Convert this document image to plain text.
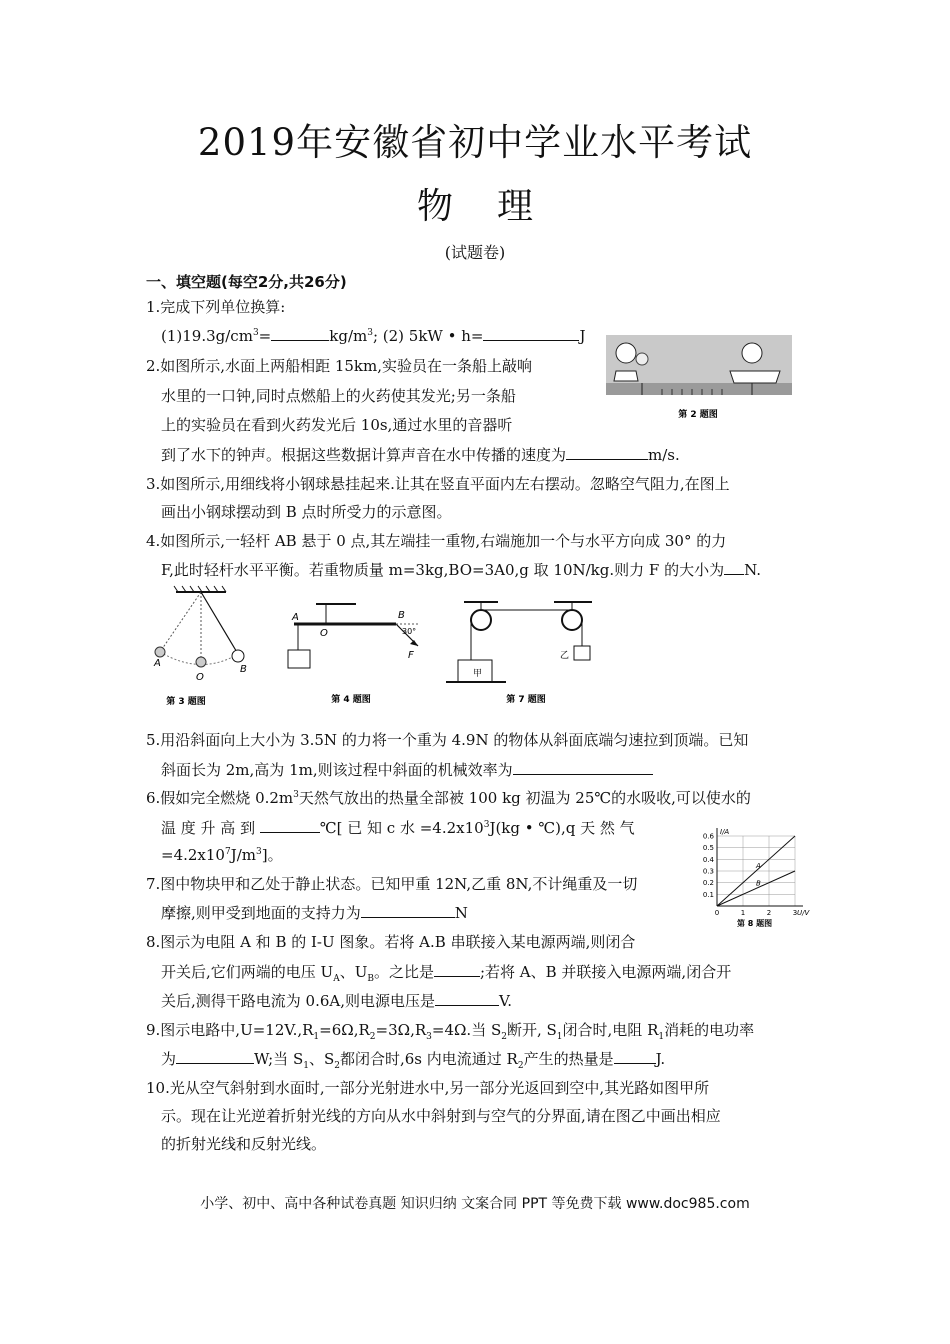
2019年安徽省初中学业水平考试
物理
(试题卷)
一、填空题(每空2分,共26分)
1.完成下列单位换算:
$(1)19.3g/cm^3=$	$kg/m^3$; (2) 5kW • h=	J
2.如图所示,水面上两船相距 15km,实验员在一条船上敲响
水里的一口钟,同时点燃船上的火药使其发光;另一条船
上的实验员在看到火药发光后 10s,通过水里的音器听
到了水下的钟声。根据这些数据计算声音在水中传播的速度为	m/s.
第 2 题图
3.如图所示,用细线将小钢球悬挂起来.让其在竖直平面内左右摆动。忽略空气阻力,在图上
画出小钢球摆动到 B 点时所受力的示意图。
4.如图所示,一轻杆 AB 悬于 0 点,其左端挂一重物,右端施加一个与水平方向成 30° 的力
F,此时轻杆水平平衡。若重物质量 m=3kg,BO=3A0,g 取 10N/kg.则力 F 的大小为 N.
A
O
B
第 3 题图
A
O
B
30°
F
第 4 题图
甲
乙
第 7 题图
5.用沿斜面向上大小为 3.5N 的力将一个重为 4.9N 的物体从斜面底端匀速拉到顶端。已知
斜面长为 2m,高为 1m,则该过程中斜面的机械效率为
6.假如完全燃烧 $0.2m^3$天然气放出的热量全部被 100 kg 初温为 25℃的水吸收,可以使水的
温 度 升 高 到	℃[ 已 知 c 水 $=4.2x10^3J(kg$ • ℃),q 天 然 气
$=4.2x10^7J/m^3$]。
0	1	2	3
0.1
0.2
0.3
0.4
0.5
0.6
I/A
U/V
A
B
第 8 题图
7.图中物块甲和乙处于静止状态。已知甲重 12N,乙重 8N,不计绳重及一切
摩擦,则甲受到地面的支持力为	N
8.图示为电阻 A 和 B 的 I-U 图象。若将 A.B 串联接入某电源两端,则闭合
开关后,它们两端的电压 $U_A$、$U_B$。之比是	;若将 A、B 并联接入电源两端,闭合开
关后,测得干路电流为 0.6A,则电源电压是	V.
9.图示电路中$,U=12V.,R_1=6\Omega,R_2=3\Omega,R_3=4\Omega$.当 $S_2$断开, $S_1$闭合时,电阻 $R_1$消耗的电功率
为	W;当 $S_1$、$S_2$都闭合时,6s 内电流通过 $R_2$产生的热量是	J.
10.光从空气斜射到水面时,一部分光射进水中,另一部分光返回到空中,其光路如图甲所
示。现在让光逆着折射光线的方向从水中斜射到与空气的分界面,请在图乙中画出相应
的折射光线和反射光线。
小学、初中、高中各种试卷真题 知识归纳 文案合同 PPT 等免费下载 www.doc985.com
